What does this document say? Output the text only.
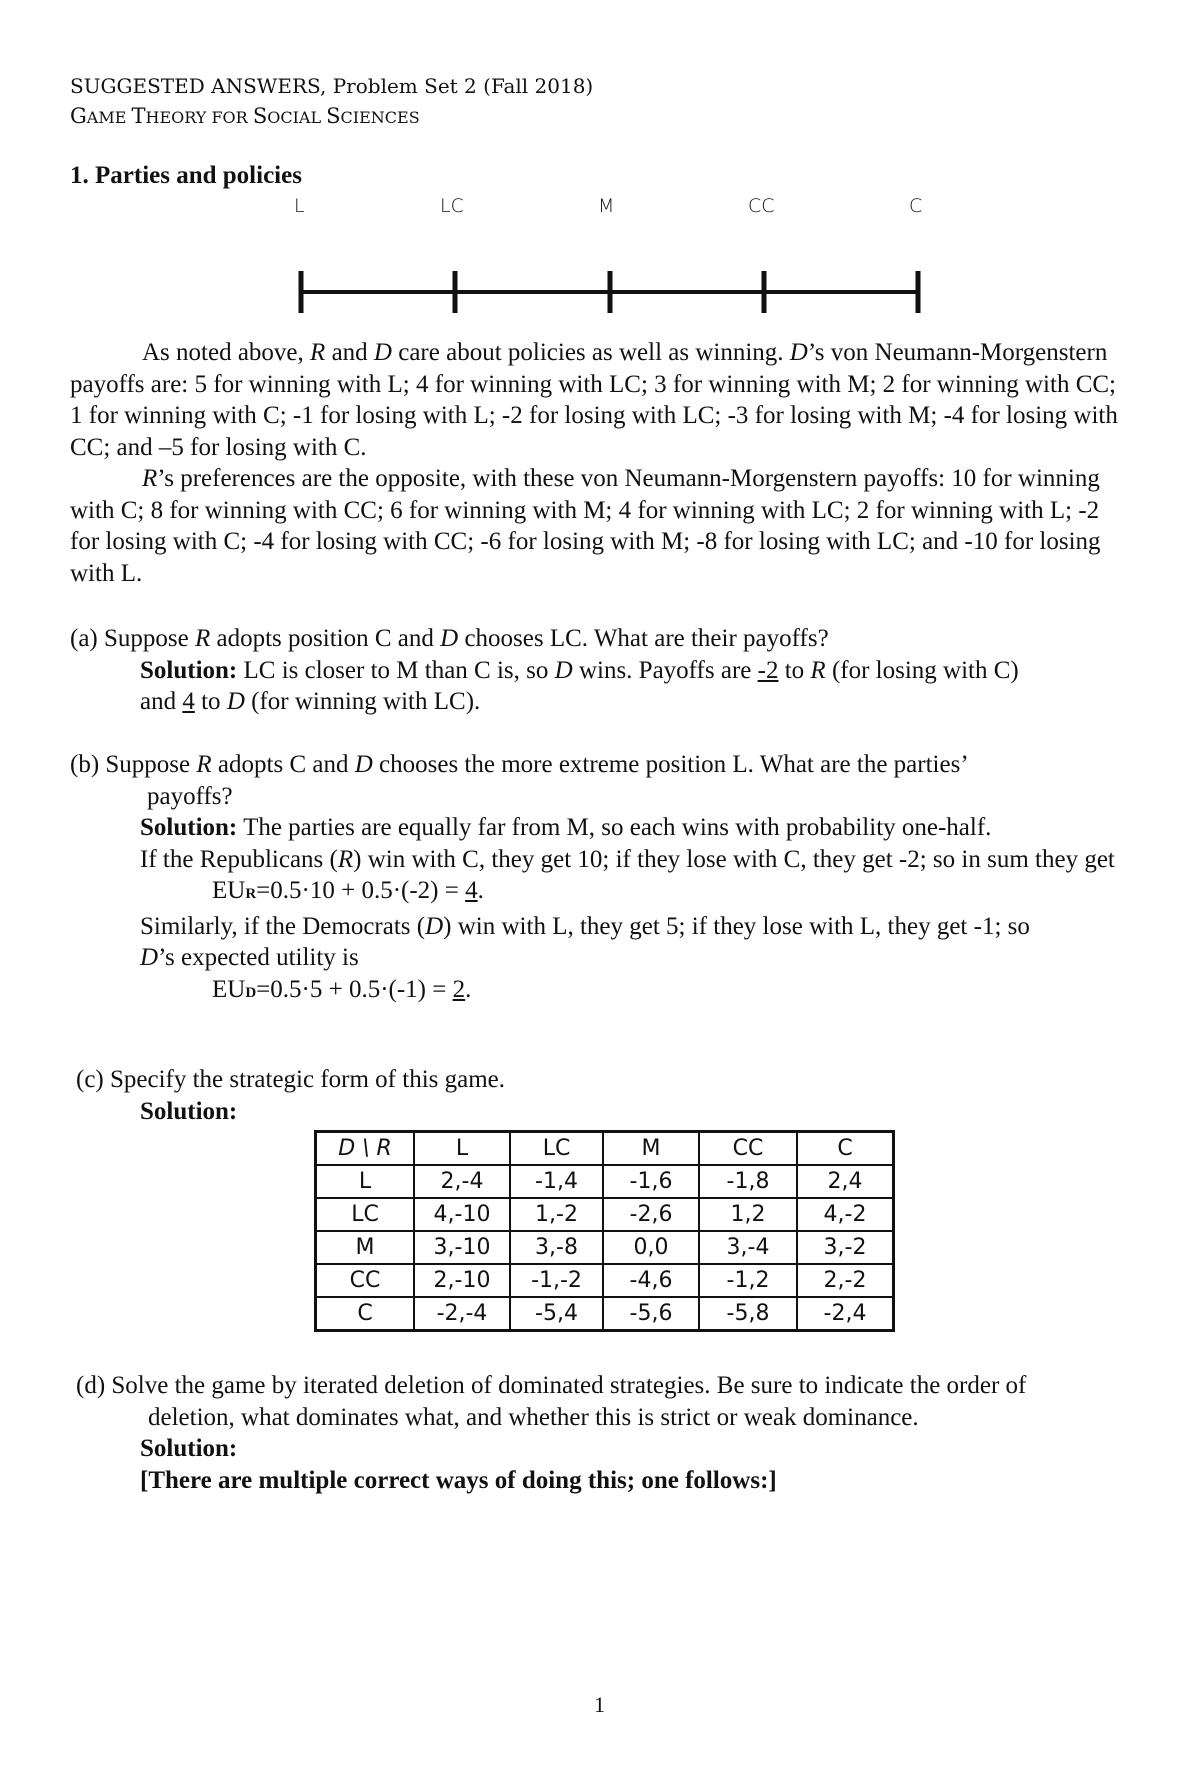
SUGGESTED ANSWERS, Problem Set 2 (Fall 2018)
GAME THEORY FOR SOCIAL SCIENCES
1. Parties and policies
L	LC	M	CC	C
As noted above, R and D care about policies as well as winning. D’s von Neumann-Morgenstern payoffs are: 5 for winning with L; 4 for winning with LC; 3 for winning with M; 2 for winning with CC; 1 for winning with C; -1 for losing with L; -2 for losing with LC; -3 for losing with M; -4 for losing with CC; and –5 for losing with C.
R’s preferences are the opposite, with these von Neumann-Morgenstern payoffs: 10 for winning with C; 8 for winning with CC; 6 for winning with M; 4 for winning with LC; 2 for winning with L; -2 for losing with C; -4 for losing with CC; -6 for losing with M; -8 for losing with LC; and -10 for losing with L.
(a) Suppose R adopts position C and D chooses LC. What are their payoffs?
Solution: LC is closer to M than C is, so D wins. Payoffs are -2 to R (for losing with C)
and 4 to D (for winning with LC).
(b) Suppose R adopts C and D chooses the more extreme position L. What are the parties’
payoffs?
Solution: The parties are equally far from M, so each wins with probability one-half.
If the Republicans (R) win with C, they get 10; if they lose with C, they get -2; so in sum they get
EUR=0.5·10 + 0.5·(-2) = 4.
Similarly, if the Democrats (D) win with L, they get 5; if they lose with L, they get -1; so
D’s expected utility is
EUD=0.5·5 + 0.5·(-1) = 2.
(c) Specify the strategic form of this game.
Solution:
D \ R	L	LC	M	CC	C
L	2,-4	-1,4	-1,6	-1,8	2,4
LC	4,-10	1,-2	-2,6	1,2	4,-2
M	3,-10	3,-8	0,0	3,-4	3,-2
CC	2,-10	-1,-2	-4,6	-1,2	2,-2
C	-2,-4	-5,4	-5,6	-5,8	-2,4
(d) Solve the game by iterated deletion of dominated strategies. Be sure to indicate the order of
deletion, what dominates what, and whether this is strict or weak dominance.
Solution:
[There are multiple correct ways of doing this; one follows:]
1
